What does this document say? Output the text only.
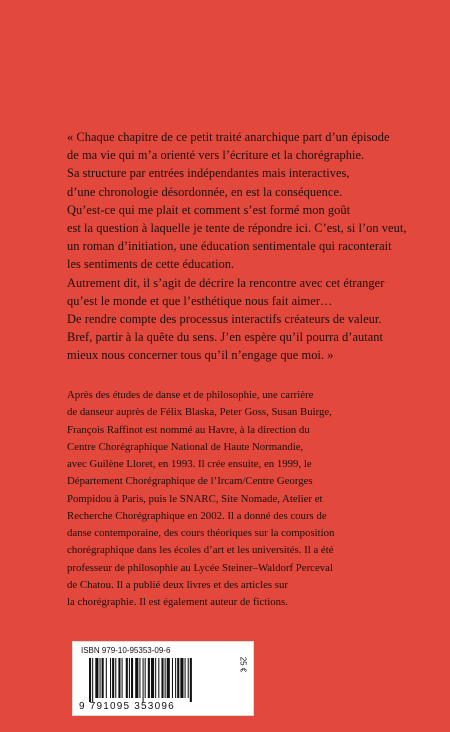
« Chaque chapitre de ce petit traité anarchique part d’un épisode
de ma vie qui m’a orienté vers l’écriture et la chorégraphie.
Sa structure par entrées indépendantes mais interactives,
d’une chronologie désordonnée, en est la conséquence.
Qu’est-ce qui me plait et comment s’est formé mon goût
est la question à laquelle je tente de répondre ici. C’est, si l’on veut,
un roman d’initiation, une éducation sentimentale qui raconterait
les sentiments de cette éducation.
Autrement dit, il s’agit de décrire la rencontre avec cet étranger
qu’est le monde et que l’esthétique nous fait aimer…
De rendre compte des processus interactifs créateurs de valeur.
Bref, partir à la quête du sens. J’en espère qu’il pourra d’autant
mieux nous concerner tous qu’il n’engage que moi. »

Après des études de danse et de philosophie, une carrière
de danseur auprès de Félix Blaska, Peter Goss, Susan Buirge,
François Raffinot est nommé au Havre, à la direction du
Centre Chorégraphique National de Haute Normandie,
avec Guilène Lloret, en 1993. Il crée ensuite, en 1999, le
Département Chorégraphique de l’Ircam/Centre Georges
Pompidou à Paris, puis le SNARC, Site Nomade, Atelier et
Recherche Chorégraphique en 2002. Il a donné des cours de
danse contemporaine, des cours théoriques sur la composition
chorégraphique dans les écoles d’art et les universités. Il a été
professeur de philosophie au Lycée Steiner–Waldorf Perceval
de Chatou. Il a publié deux livres et des articles sur
la chorégraphie. Il est également auteur de fictions.

ISBN 979-10-95353-09-6
25 €
9 791095 353096
